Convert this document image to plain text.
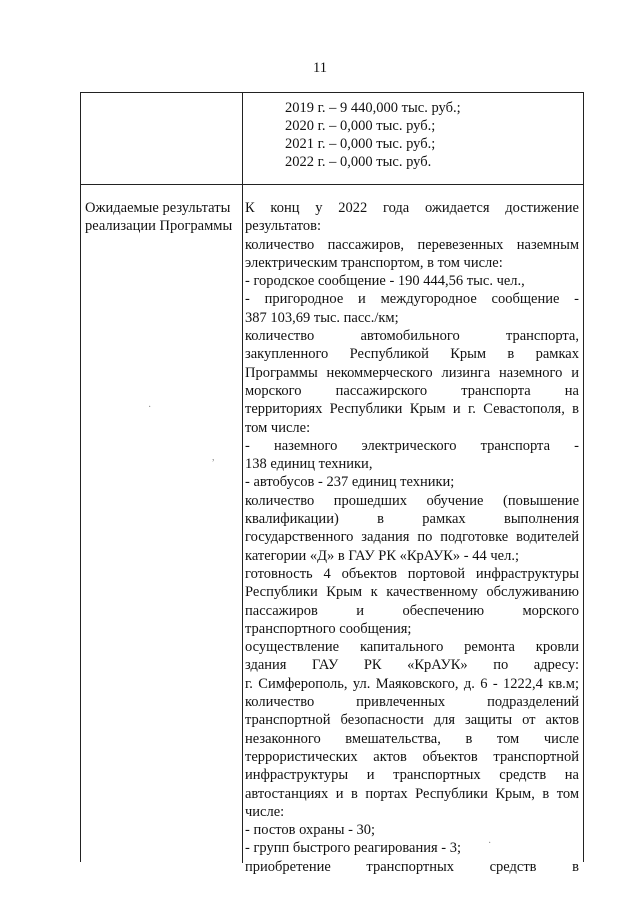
11
2019 г. – 9 440,000 тыс. руб.;
2020 г. – 0,000 тыс. руб.;
2021 г. – 0,000 тыс. руб.;
2022 г. – 0,000 тыс. руб.
Ожидаемые результаты
реализации Программы
К конц у 2022 года ожидается достижение
результатов:
количество пассажиров, перевезенных наземным
электрическим транспортом, в том числе:
- городское сообщение - 190 444,56 тыс. чел.,
- пригородное и междугородное сообщение -
387 103,69 тыс. пасс./км;
количество автомобильного транспорта,
закупленного Республикой Крым в рамках
Программы некоммерческого лизинга наземного и
морского пассажирского транспорта на
территориях Республики Крым и г. Севастополя, в
том числе:
- наземного электрического транспорта -
138 единиц техники,
- автобусов - 237 единиц техники;
количество прошедших обучение (повышение
квалификации) в рамках выполнения
государственного задания по подготовке водителей
категории «Д» в ГАУ РК «КрАУК» - 44 чел.;
готовность 4 объектов портовой инфраструктуры
Республики Крым к качественному обслуживанию
пассажиров и обеспечению морского
транспортного сообщения;
осуществление капитального ремонта кровли
здания ГАУ РК «КрАУК» по адресу:
г. Симферополь, ул. Маяковского, д. 6 - 1222,4 кв.м;
количество привлеченных подразделений
транспортной безопасности для защиты от актов
незаконного вмешательства, в том числе
террористических актов объектов транспортной
инфраструктуры и транспортных средств на
автостанциях и в портах Республики Крым, в том
числе:
- постов охраны - 30;
- групп быстрого реагирования - 3;
приобретение транспортных средств в
·
,
·
